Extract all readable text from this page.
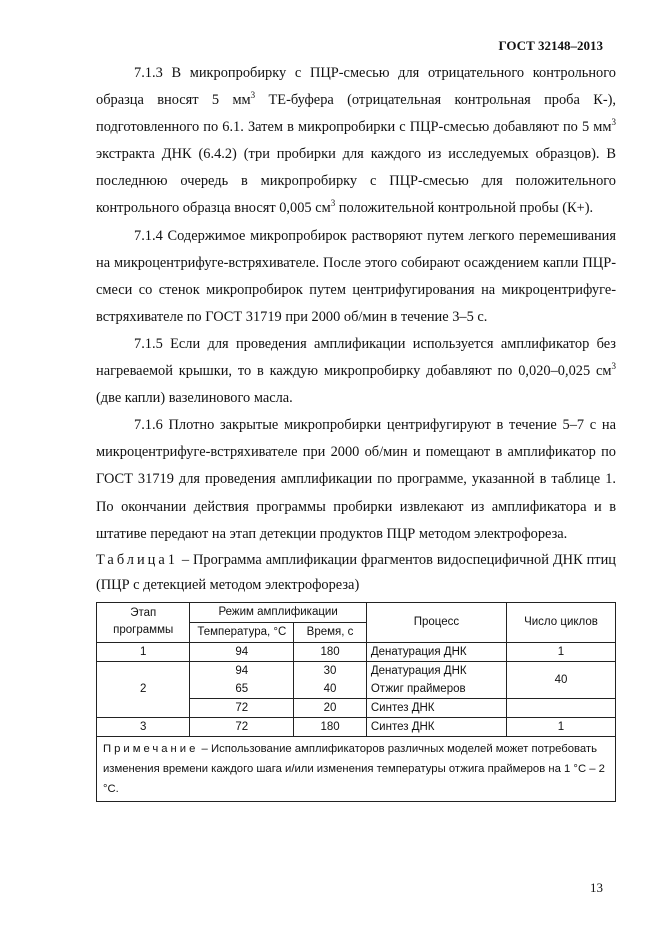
ГОСТ 32148–2013

7.1.3 В микропробирку с ПЦР-смесью для отрицательного контрольного образца вносят 5 $мм^3$ ТЕ-буфера (отрицательная контрольная проба К-), подготовленного по 6.1. Затем в микропробирки с ПЦР-смесью добавляют по 5 $мм^3$ экстракта ДНК (6.4.2) (три пробирки для каждого из исследуемых образцов). В последнюю очередь в микропробирку с ПЦР-смесью для положительного контрольного образца вносят 0,005 $см^3$ положительной контрольной пробы (К+).

7.1.4 Содержимое микропробирок растворяют путем легкого перемешивания на микроцентрифуге-встряхивателе. После этого собирают осаждением капли ПЦР-смеси со стенок микропробирок путем центрифугирования на микроцентрифуге-встряхивателе по ГОСТ 31719 при 2000 об/мин в течение 3–5 с.

7.1.5 Если для проведения амплификации используется амплификатор без нагреваемой крышки, то в каждую микропробирку добавляют по 0,020–0,025 $см^3$ (две капли) вазелинового масла.

7.1.6 Плотно закрытые микропробирки центрифугируют в течение 5–7 с на микроцентрифуге-встряхивателе при 2000 об/мин и помещают в амплификатор по ГОСТ 31719 для проведения амплификации по программе, указанной в таблице 1. По окончании действия программы пробирки извлекают из амплификатора и в штативе передают на этап детекции продуктов ПЦР методом электрофореза.

Таблица1 – Программа амплификации фрагментов видоспецифичной ДНК птиц (ПЦР с детекцией методом электрофореза)

Этап программы	Режим амплификации		Процесс	Число циклов
	Температура, °С	Время, с		
1	94	180	Денатурация ДНК	1
2	94	30	Денатурация ДНК	40
	65	40	Отжиг праймеров	
	72	20	Синтез ДНК	
3	72	180	Синтез ДНК	1
Примечание – Использование амплификаторов различных моделей может потребовать изменения времени каждого шага и/или изменения температуры отжига праймеров на 1 °С – 2 °С.				
13
